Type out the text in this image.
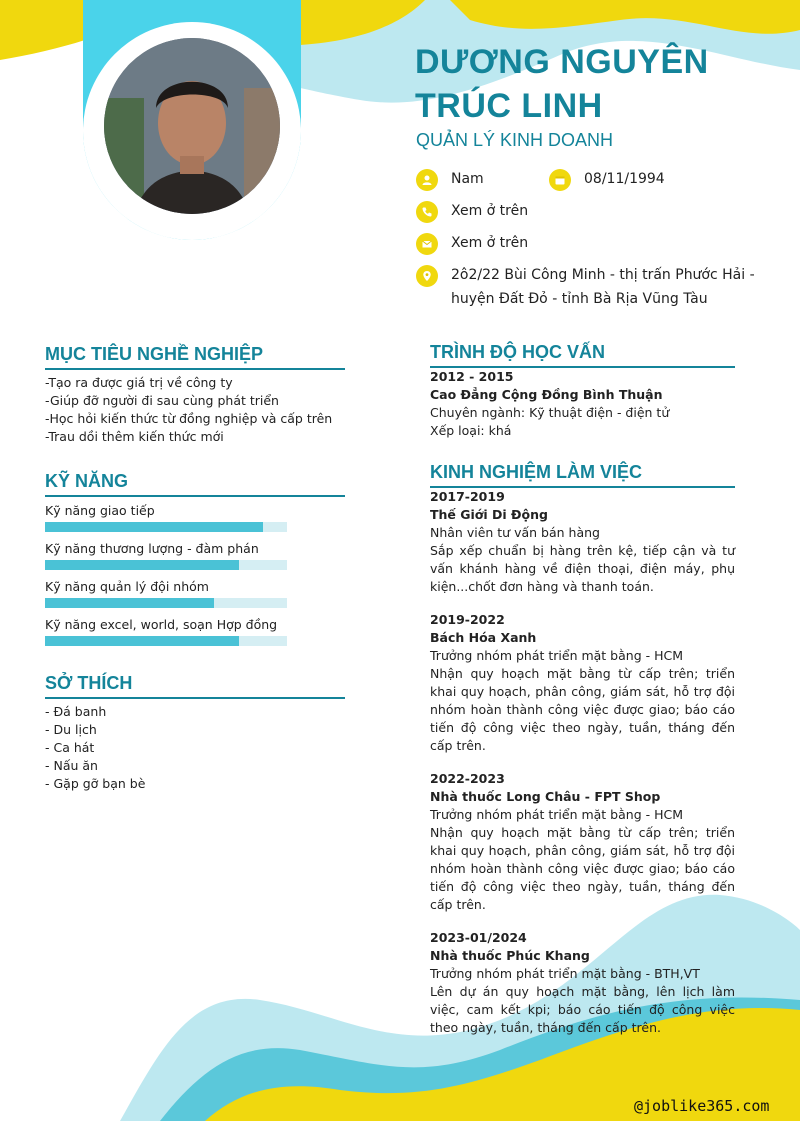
DƯƠNG NGUYÊN TRÚC LINH
QUẢN LÝ KINH DOANH
Nam	08/11/1994
Xem ở trên
Xem ở trên
2ô2/22 Bùi Công Minh - thị trấn Phước Hải -
huyện Đất Đỏ - tỉnh Bà Rịa Vũng Tàu
MỤC TIÊU NGHỀ NGHIỆP
-Tạo ra được giá trị về công ty
-Giúp đỡ người đi sau cùng phát triển
-Học hỏi kiến thức từ đồng nghiệp và cấp trên
-Trau dồi thêm kiến thức mới
KỸ NĂNG
Kỹ năng giao tiếp
Kỹ năng thương lượng - đàm phán
Kỹ năng quản lý đội nhóm
Kỹ năng excel, world, soạn Hợp đồng
SỞ THÍCH
- Đá banh
- Du lịch
- Ca hát
- Nấu ăn
- Gặp gỡ bạn bè
TRÌNH ĐỘ HỌC VẤN
2012 - 2015
Cao Đẳng Cộng Đồng Bình Thuận
Chuyên ngành: Kỹ thuật điện - điện tử
Xếp loại: khá
KINH NGHIỆM LÀM VIỆC
2017-2019
Thế Giới Di Động
Nhân viên tư vấn bán hàng
Sắp xếp chuẩn bị hàng trên kệ, tiếp cận và tư vấn khánh hàng về điện thoại, điện máy, phụ kiện...chốt đơn hàng và thanh toán.
2019-2022
Bách Hóa Xanh
Trưởng nhóm phát triển mặt bằng - HCM
Nhận quy hoạch mặt bằng từ cấp trên; triển khai quy hoạch, phân công, giám sát, hỗ trợ đội nhóm hoàn thành công việc được giao; báo cáo tiến độ công việc theo ngày, tuần, tháng đến cấp trên.
2022-2023
Nhà thuốc Long Châu - FPT Shop
Trưởng nhóm phát triển mặt bằng - HCM
Nhận quy hoạch mặt bằng từ cấp trên; triển khai quy hoạch, phân công, giám sát, hỗ trợ đội nhóm hoàn thành công việc được giao; báo cáo tiến độ công việc theo ngày, tuần, tháng đến cấp trên.
2023-01/2024
Nhà thuốc Phúc Khang
Trưởng nhóm phát triển mặt bằng - BTH,VT
Lên dự án quy hoạch mặt bằng, lên lịch làm việc, cam kết kpi; báo cáo tiến độ công việc theo ngày, tuần, tháng đến cấp trên.
@joblike365.com
